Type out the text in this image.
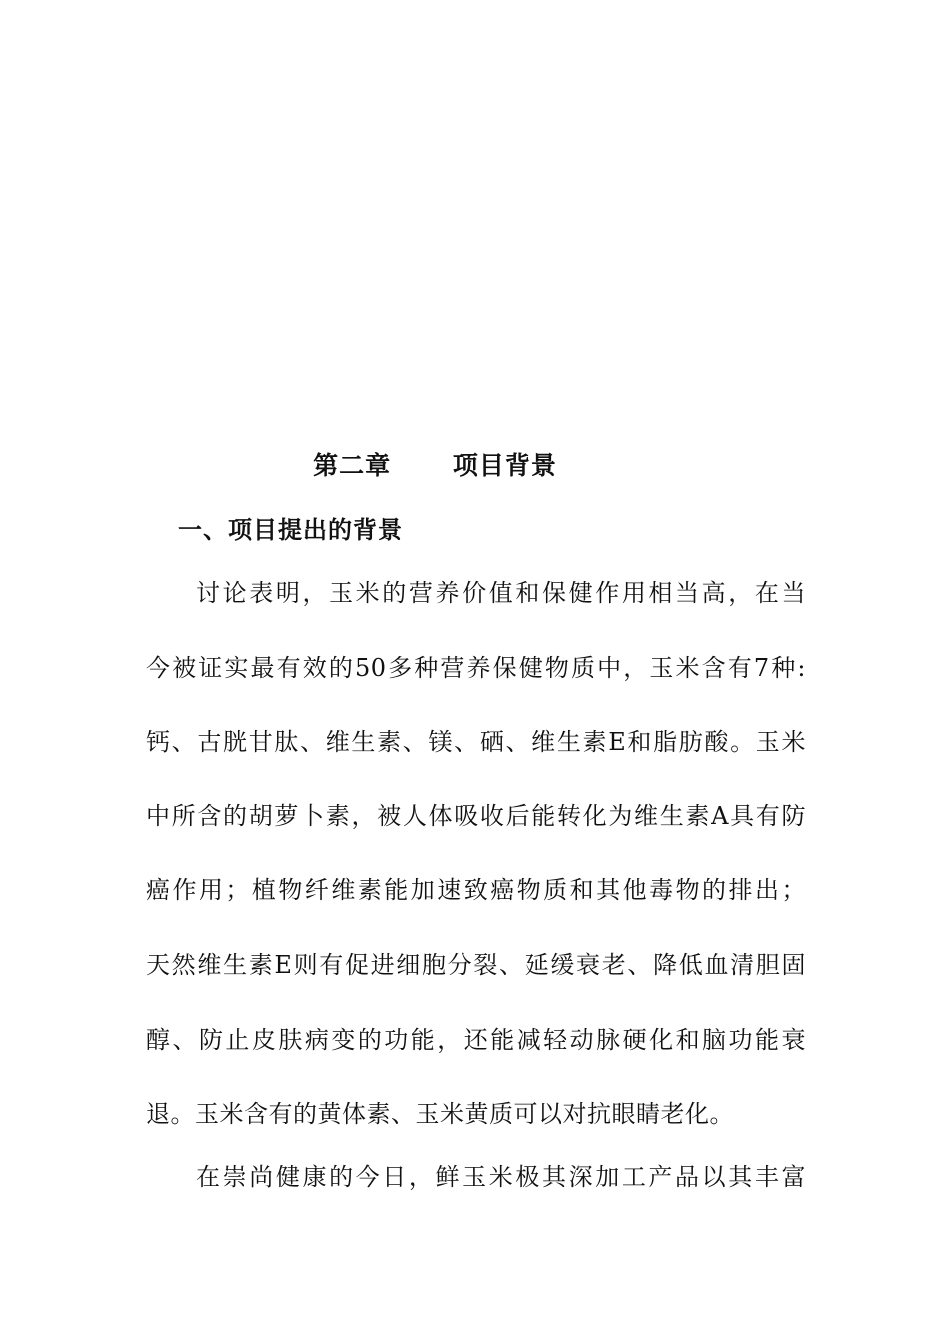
第二章　　 项目背景
一、项目提出的背景
讨论表明，玉米的营养价值和保健作用相当高，在当
今被证实最有效的50多种营养保健物质中，玉米含有7种:
钙、古胱甘肽、维生素、镁、硒、维生素E和脂肪酸。玉米
中所含的胡萝卜素，被人体吸收后能转化为维生素A具有防
癌作用；植物纤维素能加速致癌物质和其他毒物的排出；
天然维生素E则有促进细胞分裂、延缓衰老、降低血清胆固
醇、防止皮肤病变的功能，还能减轻动脉硬化和脑功能衰
退。玉米含有的黄体素、玉米黄质可以对抗眼睛老化。
在崇尚健康的今日，鲜玉米极其深加工产品以其丰富
